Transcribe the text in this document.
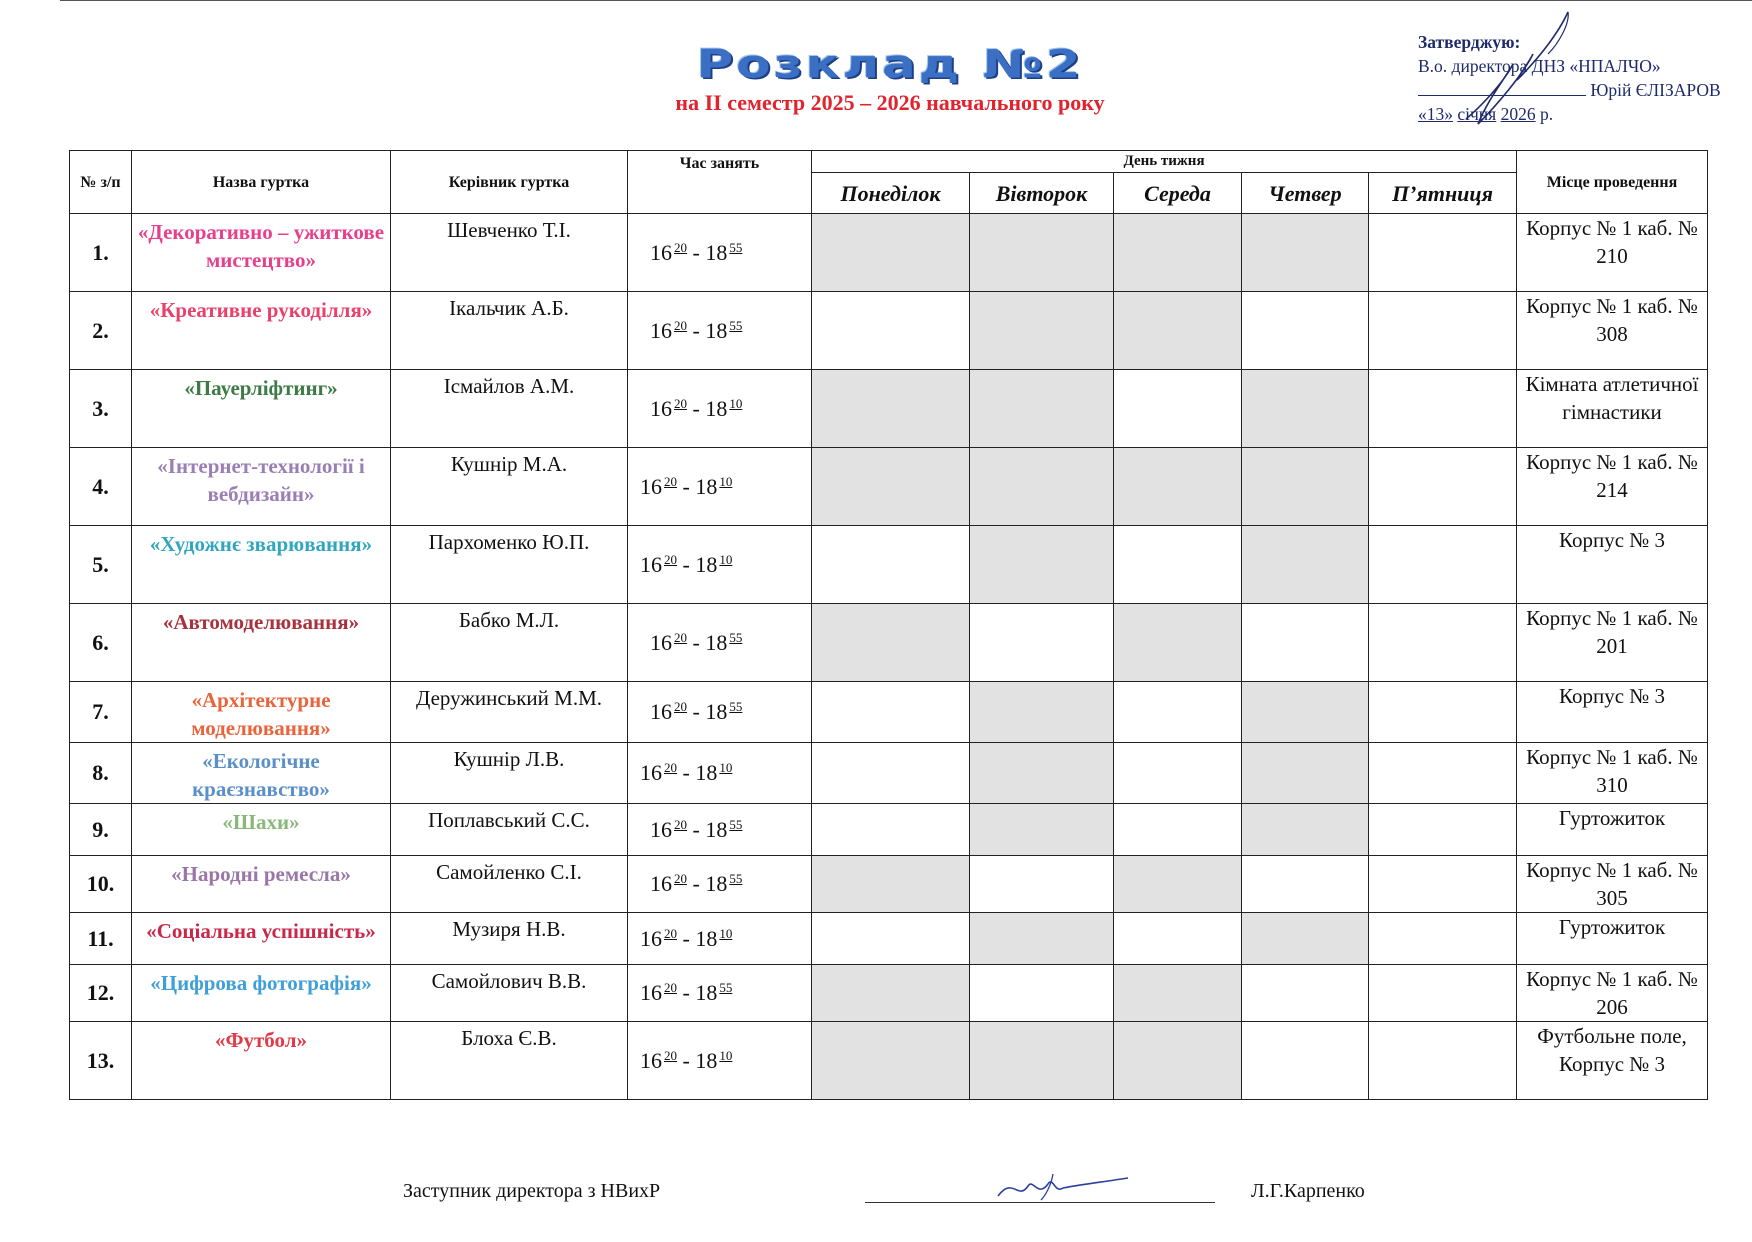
Розклад №2
на ІІ семестр 2025 – 2026 навчального року
Затверджую:
В.о. директора ДНЗ «НПАЛЧО»
Юрій ЄЛІЗАРОВ
«13» січня 2026 р.
№ з/п	Назва гуртка	Керівник гуртка	Час занять	День тижня					Місце проведення
				Понеділок	Вівторок	Середа	Четвер	П’ятниця	
1.	«Декоративно – ужиткове мистецтво»	Шевченко Т.І.	16 $^{20}$ - 18 $^{55}$						Корпус № 1 каб. № 210
2.	«Креативне рукоділля»	Ікальчик А.Б.	16 $^{20}$ - 18 $^{55}$						Корпус № 1 каб. № 308
3.	«Пауерліфтинг»	Ісмайлов А.М.	16 $^{20}$ - 18 $^{10}$						Кімната атлетичної гімнастики
4.	«Інтернет-технології і вебдизайн»	Кушнір М.А.	16 $^{20}$ - 18 $^{10}$						Корпус № 1 каб. № 214
5.	«Художнє зварювання»	Пархоменко Ю.П.	16 $^{20}$ - 18 $^{10}$						Корпус № 3
6.	«Автомоделювання»	Бабко М.Л.	16 $^{20}$ - 18 $^{55}$						Корпус № 1 каб. № 201
7.	«Архітектурне моделювання»	Деружинський М.М.	16 $^{20}$ - 18 $^{55}$						Корпус № 3
8.	«Екологічне краєзнавство»	Кушнір Л.В.	16 $^{20}$ - 18 $^{10}$						Корпус № 1 каб. № 310
9.	«Шахи»	Поплавський С.С.	16 $^{20}$ - 18 $^{55}$						Гуртожиток
10.	«Народні ремесла»	Самойленко С.І.	16 $^{20}$ - 18 $^{55}$						Корпус № 1 каб. № 305
11.	«Соціальна успішність»	Музиря Н.В.	16 $^{20}$ - 18 $^{10}$						Гуртожиток
12.	«Цифрова фотографія»	Самойлович В.В.	16 $^{20}$ - 18 $^{55}$						Корпус № 1 каб. № 206
13.	«Футбол»	Блоха Є.В.	16 $^{20}$ - 18 $^{10}$						Футбольне поле, Корпус № 3
Заступник директора з НВихР	Л.Г.Карпенко
